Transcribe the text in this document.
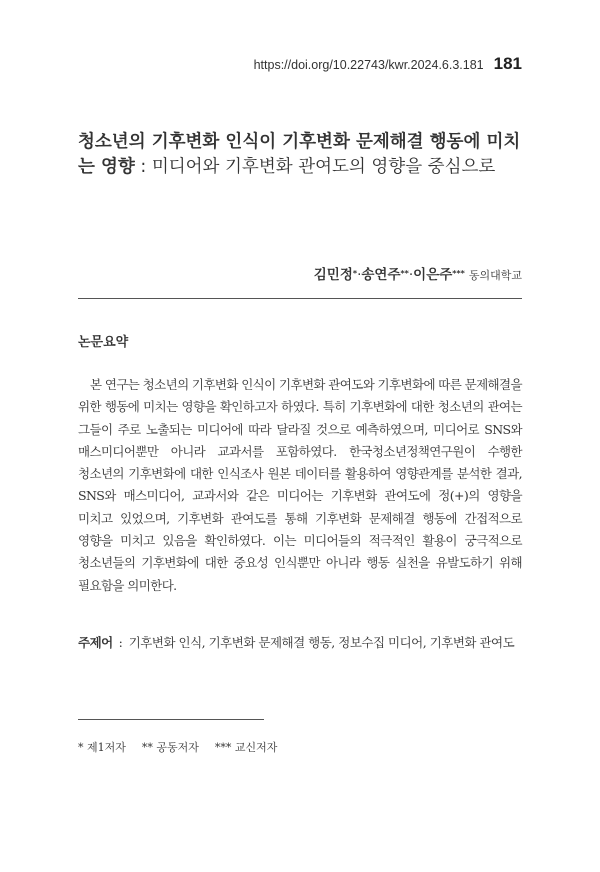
https://doi.org/10.22743/kwr.2024.6.3.181 181
청소년의 기후변화 인식이 기후변화 문제해결 행동에 미치는 영향 : 미디어와 기후변화 관여도의 영향을 중심으로
김민정*·송연주**·이은주*** 동의대학교
논문요약

본 연구는 청소년의 기후변화 인식이 기후변화 관여도와 기후변화에 따른 문제해결을 위한 행동에 미치는 영향을 확인하고자 하였다. 특히 기후변화에 대한 청소년의 관여는 그들이 주로 노출되는 미디어에 따라 달라질 것으로 예측하였으며, 미디어로 SNS와 매스미디어뿐만 아니라 교과서를 포함하였다. 한국청소년정책연구원이 수행한 청소년의 기후변화에 대한 인식조사 원본 데이터를 활용하여 영향관계를 분석한 결과, SNS와 매스미디어, 교과서와 같은 미디어는 기후변화 관여도에 정(+)의 영향을 미치고 있었으며, 기후변화 관여도를 통해 기후변화 문제해결 행동에 간접적으로 영향을 미치고 있음을 확인하였다. 이는 미디어들의 적극적인 활용이 궁극적으로 청소년들의 기후변화에 대한 중요성 인식뿐만 아니라 행동 실천을 유발도하기 위해 필요함을 의미한다.

주제어 : 기후변화 인식, 기후변화 문제해결 행동, 정보수집 미디어, 기후변화 관여도
* 제1저자 ** 공동저자 *** 교신저자
